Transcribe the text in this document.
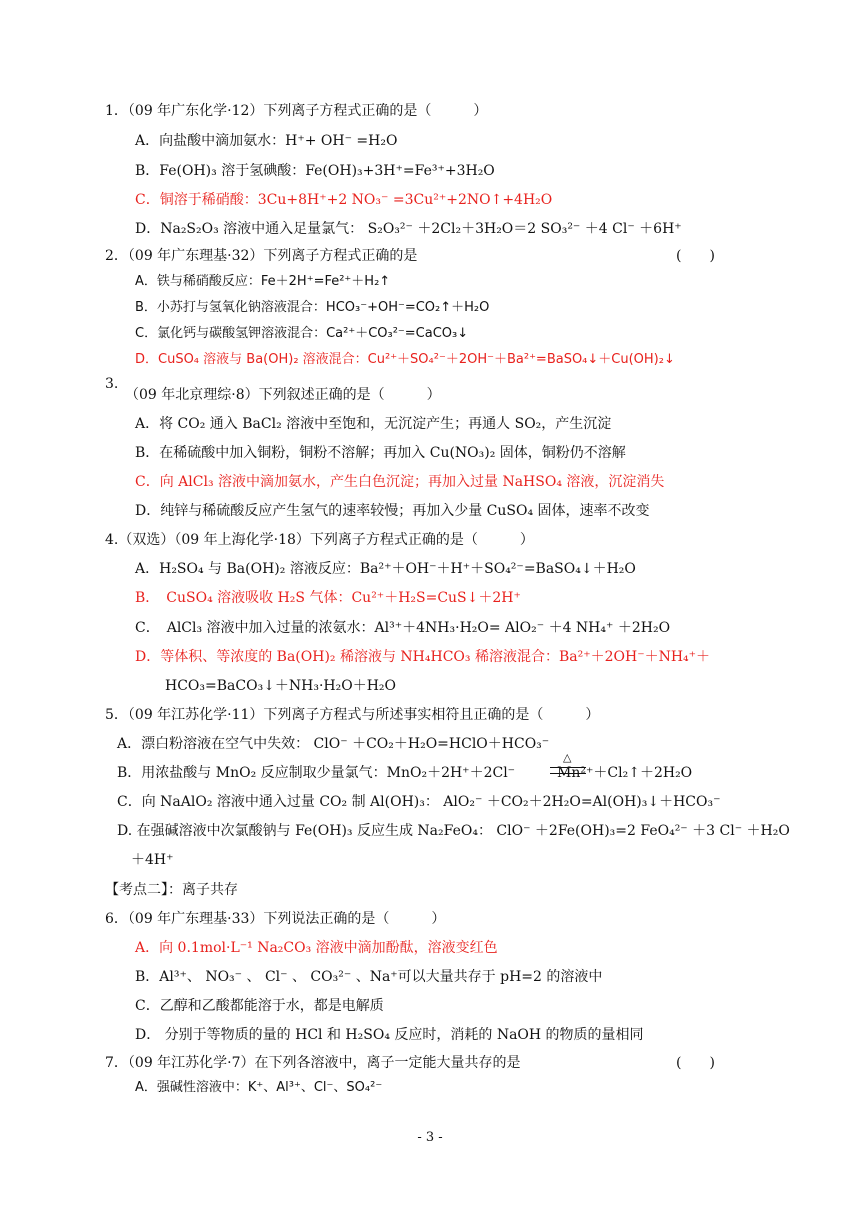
1．（09 年广东化学·12）下列离子方程式正确的是（　　　）
A．向盐酸中滴加氨水：H⁺+ OH⁻ =H₂O
B．Fe(OH)₃ 溶于氢碘酸：Fe(OH)₃+3H⁺=Fe³⁺+3H₂O
C．铜溶于稀硝酸：3Cu+8H⁺+2 NO₃⁻ =3Cu²⁺+2NO↑+4H₂O
D．Na₂S₂O₃ 溶液中通入足量氯气： S₂O₃²⁻ ＋2Cl₂＋3H₂O＝2 SO₃²⁻ ＋4 Cl⁻ ＋6H⁺
2．（09 年广东理基·32）下列离子方程式正确的是
A．铁与稀硝酸反应：Fe＋2H⁺=Fe²⁺＋H₂↑
B．小苏打与氢氧化钠溶液混合：HCO₃⁻+OH⁻=CO₂↑＋H₂O
C．氯化钙与碳酸氢钾溶液混合：Ca²⁺＋CO₃²⁻=CaCO₃↓
D．CuSO₄ 溶液与 Ba(OH)₂ 溶液混合：Cu²⁺＋SO₄²⁻＋2OH⁻＋Ba²⁺=BaSO₄↓＋Cu(OH)₂↓
3.
（09 年北京理综·8）下列叙述正确的是（　　　）
A．将 CO₂ 通入 BaCl₂ 溶液中至饱和，无沉淀产生；再通人 SO₂，产生沉淀
B．在稀硫酸中加入铜粉，铜粉不溶解；再加入 Cu(NO₃)₂ 固体，铜粉仍不溶解
C．向 AlCl₃ 溶液中滴加氨水，产生白色沉淀；再加入过量 NaHSO₄ 溶液，沉淀消失
D．纯锌与稀硫酸反应产生氢气的速率较慢；再加入少量 CuSO₄ 固体，速率不改变
4.（双选）（09 年上海化学·18）下列离子方程式正确的是（　　　）
A．H₂SO₄ 与 Ba(OH)₂ 溶液反应：Ba²⁺＋OH⁻＋H⁺＋SO₄²⁻=BaSO₄↓＋H₂O
B．　CuSO₄ 溶液吸收 H₂S 气体：Cu²⁺＋H₂S=CuS↓＋2H⁺
C．　AlCl₃ 溶液中加入过量的浓氨水：Al³⁺＋4NH₃·H₂O= AlO₂⁻ ＋4 NH₄⁺ ＋2H₂O
D．等体积、等浓度的 Ba(OH)₂ 稀溶液与 NH₄HCO₃ 稀溶液混合：Ba²⁺＋2OH⁻＋NH₄⁺＋
HCO₃=BaCO₃↓＋NH₃·H₂O＋H₂O
5．（09 年江苏化学·11）下列离子方程式与所述事实相符且正确的是（　　　）
A．漂白粉溶液在空气中失效： ClO⁻ ＋CO₂＋H₂O=HClO＋HCO₃⁻
B．用浓盐酸与 MnO₂ 反应制取少量氯气：MnO₂＋2H⁺＋2Cl⁻　　　Mn²⁺＋Cl₂↑＋2H₂O
C．向 NaAlO₂ 溶液中通入过量 CO₂ 制 Al(OH)₃： AlO₂⁻ ＋CO₂＋2H₂O=Al(OH)₃↓＋HCO₃⁻
D. 在强碱溶液中次氯酸钠与 Fe(OH)₃ 反应生成 Na₂FeO₄： ClO⁻ ＋2Fe(OH)₃=2 FeO₄²⁻ ＋3 Cl⁻ ＋H₂O
＋4H⁺
【考点二】：离子共存
6．（09 年广东理基·33）下列说法正确的是（　　　）
A．向 0.1mol·L⁻¹ Na₂CO₃ 溶液中滴加酚酞，溶液变红色
B．Al³⁺、 NO₃⁻ 、 Cl⁻ 、 CO₃²⁻ 、Na⁺可以大量共存于 pH=2 的溶液中
C．乙醇和乙酸都能溶于水，都是电解质
D． 分别于等物质的量的 HCl 和 H₂SO₄ 反应时，消耗的 NaOH 的物质的量相同
7．（09 年江苏化学·7）在下列各溶液中，离子一定能大量共存的是
A．强碱性溶液中：K⁺、Al³⁺、Cl⁻、SO₄²⁻
(　　)
(　　)
△
- 3 -
